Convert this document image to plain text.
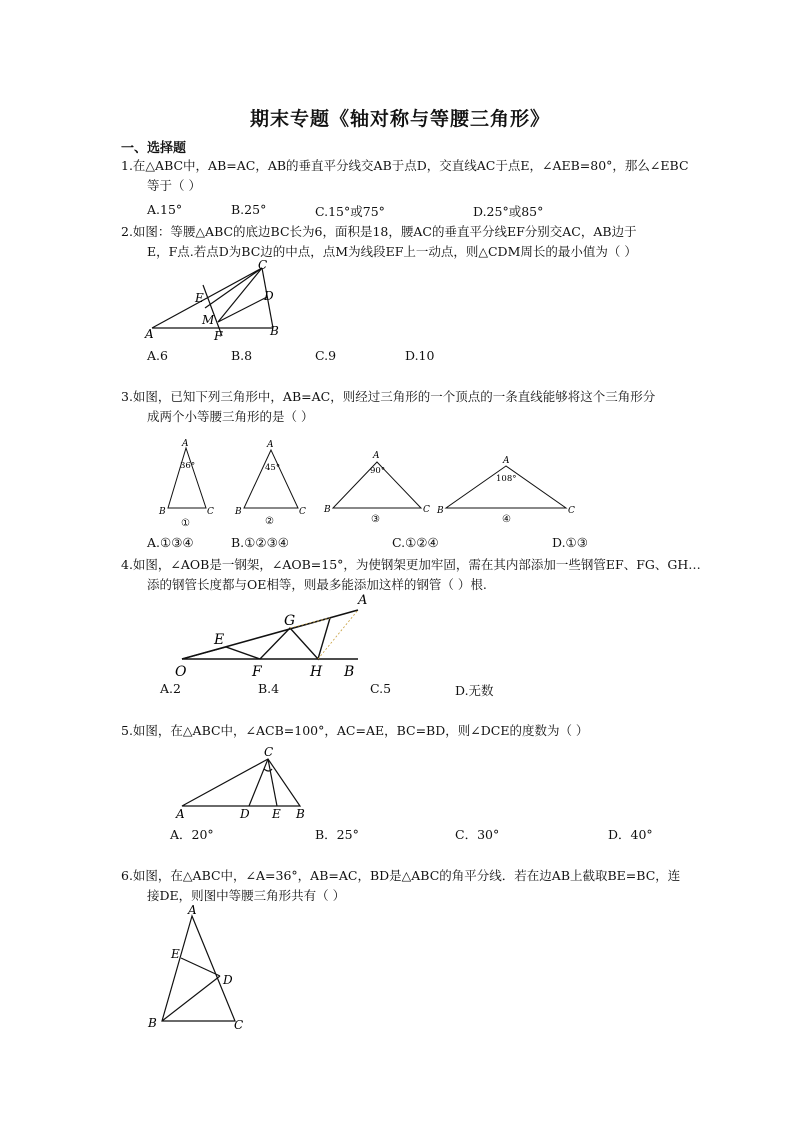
期末专题《轴对称与等腰三角形》
一、选择题
1.在△ABC中，AB=AC，AB的垂直平分线交AB于点D，交直线AC于点E，∠AEB=80°，那么∠EBC
等于（ ）
A.15°	B.25°	C.15°或75°	D.25°或85°
2.如图：等腰△ABC的底边BC长为6，面积是18，腰AC的垂直平分线EF分别交AC，AB边于
E，F点.若点D为BC边的中点，点M为线段EF上一动点，则△CDM周长的最小值为（ ）
C
E	D
M
A	F	B
A.6	B.8	C.9	D.10
3.如图，已知下列三角形中，AB=AC，则经过三角形的一个顶点的一条直线能够将这个三角形分
成两个小等腰三角形的是（ ）
A
36°
B	C
①
A
45°
B	C
②
A
90°
B	C
③
A
108°
B	C
④
A.①③④	B.①②③④	C.①②④	D.①③
4.如图，∠AOB是一钢架，∠AOB=15°，为使钢架更加牢固，需在其内部添加一些钢管EF、FG、GH…
添的钢管长度都与OE相等，则最多能添加这样的钢管（ ）根.
A
G
E
O	F	H B
A.2	B.4	C.5	D.无数
5.如图，在△ABC中，∠ACB=100°，AC=AE，BC=BD，则∠DCE的度数为（ ）
C
A	D E B
A．20°	B．25°	C．30°	D．40°
6.如图，在△ABC中，∠A=36°，AB=AC，BD是△ABC的角平分线．若在边AB上截取BE=BC，连
接DE，则图中等腰三角形共有（ ）
A
E
D
B	C
